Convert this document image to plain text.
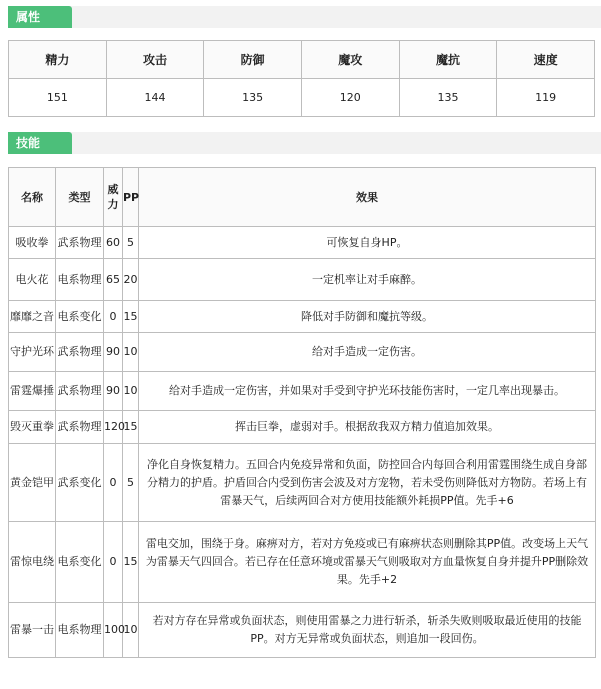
属性
精力	攻击	防御	魔攻	魔抗	速度
151	144	135	120	135	119
技能
名称	类型	威力	PP	效果
吸收拳	武系物理	60	5	可恢复自身HP。
电火花	电系物理	65	20	一定机率让对手麻醉。
靡靡之音	电系变化	0	15	降低对手防御和魔抗等级。
守护光环	武系物理	90	10	给对手造成一定伤害。
雷霆爆捶	武系物理	90	10	给对手造成一定伤害，并如果对手受到守护光环技能伤害时，一定几率出现暴击。
毁灭重拳	武系物理	120	15	挥击巨拳，虚弱对手。根据敌我双方精力值追加效果。
黄金铠甲	武系变化	0	5	净化自身恢复精力。五回合内免疫异常和负面，防控回合内每回合利用雷霆围绕生成自身部分精力的护盾。护盾回合内受到伤害会波及对方宠物，若未受伤则降低对方物防。若场上有雷暴天气，后续两回合对方使用技能额外耗损PP值。先手+6
雷惊电绕	电系变化	0	15	雷电交加，围绕于身。麻痹对方，若对方免疫或已有麻痹状态则删除其PP值。改变场上天气为雷暴天气四回合。若已存在任意环境或雷暴天气则吸取对方血量恢复自身并提升PP删除效果。先手+2
雷暴一击	电系物理	100	10	若对方存在异常或负面状态，则使用雷暴之力进行斩杀，斩杀失败则吸取最近使用的技能PP。对方无异常或负面状态，则追加一段回伤。
